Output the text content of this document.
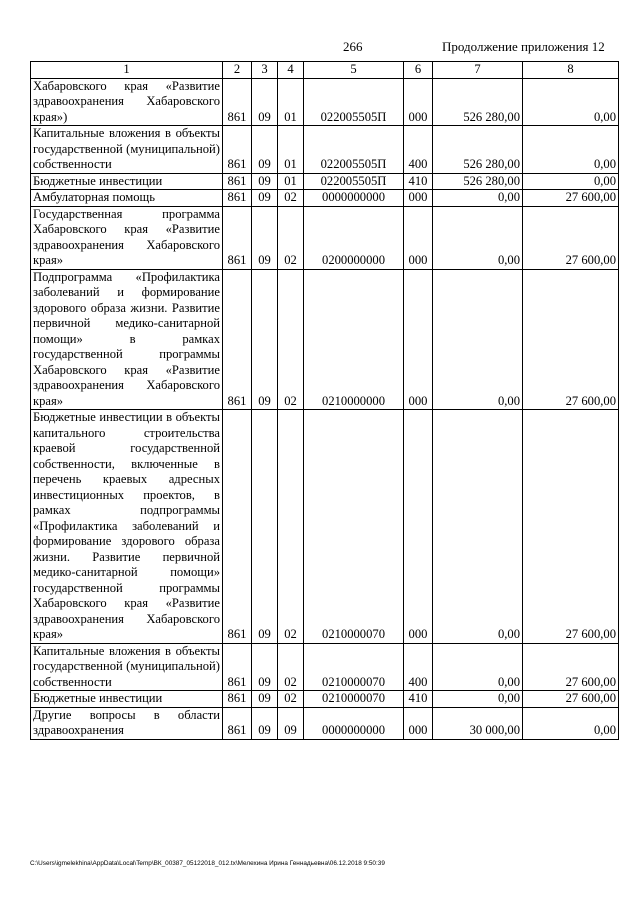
266	Продолжение приложения 12
1	2	3	4	5	6	7	8
Хабаровского края «Развитие здравоохранения Хабаровского края»)	861	09	01	022005505П	000	526 280,00	0,00
Капитальные вложения в объекты государственной (муниципальной) собственности	861	09	01	022005505П	400	526 280,00	0,00
Бюджетные инвестиции	861	09	01	022005505П	410	526 280,00	0,00
Амбулаторная помощь	861	09	02	0000000000	000	0,00	27 600,00
Государственная программа Хабаровского края «Развитие здравоохранения Хабаровского края»	861	09	02	0200000000	000	0,00	27 600,00
Подпрограмма «Профилактика заболеваний и формирование здорового образа жизни. Развитие первичной медико-санитарной помощи» в рамках государственной программы Хабаровского края «Развитие здравоохранения Хабаровского края»	861	09	02	0210000000	000	0,00	27 600,00
Бюджетные инвестиции в объекты капитального строительства краевой государственной собственности, включенные в перечень краевых адресных инвестиционных проектов, в рамках подпрограммы «Профилактика заболеваний и формирование здорового образа жизни. Развитие первичной медико-санитарной помощи» государственной программы Хабаровского края «Развитие здравоохранения Хабаровского края»	861	09	02	0210000070	000	0,00	27 600,00
Капитальные вложения в объекты государственной (муниципальной) собственности	861	09	02	0210000070	400	0,00	27 600,00
Бюджетные инвестиции	861	09	02	0210000070	410	0,00	27 600,00
Другие вопросы в области здравоохранения	861	09	09	0000000000	000	30 000,00	0,00
C:\Users\igmelekhina\AppData\Local\Temp\ВК_00387_05122018_012.tx\Мелехина Ирина Геннадьевна\06.12.2018 9:50:39
